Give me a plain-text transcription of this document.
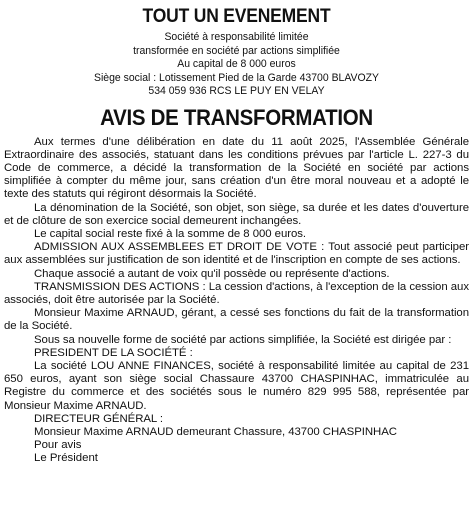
TOUT UN EVENEMENT
Société à responsabilité limitée
transformée en société par actions simplifiée
Au capital de 8 000 euros
Siège social : Lotissement Pied de la Garde 43700 BLAVOZY
534 059 936 RCS LE PUY EN VELAY
AVIS DE TRANSFORMATION

Aux termes d'une délibération en date du 11 août 2025, l'Assemblée Générale Extraordinaire des associés, statuant dans les conditions prévues par l'article L. 227-3 du Code de commerce, a décidé la transformation de la Société en société par actions simplifiée à compter du même jour, sans création d'un être moral nouveau et a adopté le texte des statuts qui régiront désormais la Société.

La dénomination de la Société, son objet, son siège, sa durée et les dates d'ouverture et de clôture de son exercice social demeurent inchangées.

Le capital social reste fixé à la somme de 8 000 euros.

ADMISSION AUX ASSEMBLEES ET DROIT DE VOTE : Tout associé peut participer aux assemblées sur justification de son identité et de l'inscription en compte de ses actions.

Chaque associé a autant de voix qu'il possède ou représente d'actions.

TRANSMISSION DES ACTIONS : La cession d'actions, à l'exception de la cession aux associés, doit être autorisée par la Société.

Monsieur Maxime ARNAUD, gérant, a cessé ses fonctions du fait de la transformation de la Société.

Sous sa nouvelle forme de société par actions simplifiée, la Société est dirigée par :

PRESIDENT DE LA SOCIÉTÉ :

La société LOU ANNE FINANCES, société à responsabilité limitée au capital de 231 650 euros, ayant son siège social Chassaure 43700 CHASPINHAC, immatriculée au Registre du commerce et des sociétés sous le numéro 829 995 588, représentée par Monsieur Maxime ARNAUD.

DIRECTEUR GÉNÉRAL :

Monsieur Maxime ARNAUD demeurant Chassure, 43700 CHASPINHAC

Pour avis

Le Président
